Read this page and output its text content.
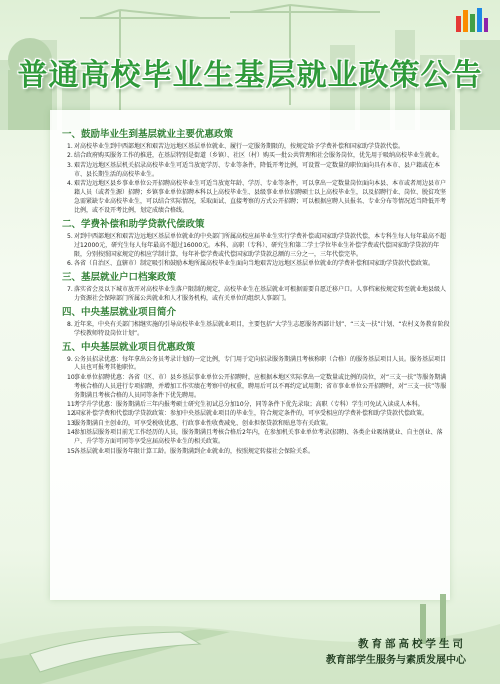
普通高校毕业生基层就业政策公告
一、鼓励毕业生到基层就业主要优惠政策
1.对高校毕业生到中西部地区和艰苦边远地区基层单位就业、履行一定服务期限的，按规定给予学费补偿和国家助学贷款代偿。
2.结合政府购买服务工作的推进，在基层特别是街道（乡镇）、社区（村）购买一批公共管理和社会服务岗位，优先用于吸纳高校毕业生就业。
3.艰苦边远地区基层机关招录高校毕业生可适当放宽学历、专业等条件，降低开考比例，可设置一定数量的职位面向具有本市、县户籍或在本市、县长期生活的高校毕业生。
4.艰苦边远地区县乡事业单位公开招聘高校毕业生可适当放宽年龄、学历、专业等条件，可以拿出一定数量岗位面向本县、本市或者周边县市户籍人员（或者生源）招聘；乡镇事业单位招聘本科以上高校毕业生、县级事业单位招聘硕士以上高校毕业生，以及招聘行业、岗位、脱贫攻坚急需紧缺专业高校毕业生，可以结合实际情况，采取面试、直接考察的方式公开招聘；可以根据应聘人员报名、专业分布等情况适当降低开考比例，或不设开考比例，划定成绩合格线。
二、学费补偿和助学贷款代偿政策
5.对到中西部地区和艰苦边远地区基层单位就业的中央部门所属高校应届毕业生实行学费补偿或国家助学贷款代偿，本专科生每人每年最高不超过12000元，研究生每人每年最高不超过16000元。本科、高职（专科）、研究生和第二学士学位毕业生补偿学费或代偿国家助学贷款的年限，分别按照国家规定的相应学制计算，每年补偿学费或代偿国家助学贷款总额的三分之一，三年代偿完毕。
6.各省（自治区、直辖市）制定吸引和鼓励本地所属高校毕业生面向当地艰苦边远地区基层单位就业的学费补偿和国家助学贷款代偿政策。
三、基层就业户口档案政策
7.落实省会及以下城市放开对高校毕业生落户限制的规定，高校毕业生在基层就业可根据需要自愿迁移户口。人事档案按规定转至就业地县级人力资源社会保障部门所属公共就业和人才服务机构，或有关单位的组织人事部门。
四、中央基层就业项目简介
8.近年来，中央有关部门相继实施的引导高校毕业生基层就业项目，主要包括“大学生志愿服务西部计划”、“三支一扶”计划、“农村义务教育阶段学校教师特设岗位计划”。
五、中央基层就业项目优惠政策
9.公务员招录优惠：每年拿出公务员考录计划的一定比例，专门用于定向招录服务期满且考核称职（合格）的服务基层项目人员。服务基层项目人员也可报考其他职位。
10.事业单位招聘优惠：各省（区、市）县乡基层事业单位公开招聘时，应根据本地区实际拿出一定数量或比例的岗位，对“三支一扶”等服务期满考核合格的人员进行专项招聘，并增加工作实绩在考察中的权重，聘用后可以不再约定试用期；省市事业单位公开招聘时，对“三支一扶”等服务期满且考核合格的人员同等条件下优先聘用。
11.考学升学优惠：服务期满后三年内报考硕士研究生初试总分加10分，同等条件下优先录取；高职（专科）学生可免试入读成人本科。
12.国家补偿学费和代偿助学贷款政策：参加中央基层就业项目的毕业生，符合规定条件的，可享受相应的学费补偿和助学贷款代偿政策。
13.服务期满自主创业的，可享受税收优惠、行政事业性收费减免、创业担保贷款和贴息等有关政策。
14.参加基层服务项目前无工作经历的人员，服务期满且考核合格后2年内，在参加机关事业单位考录(招聘)、各类企业吸纳就业、自主创业、落户、升学等方面可同等享受应届高校毕业生的相关政策。
15.各基层就业项目服务年限计算工龄。服务期满到企业就业的，按照规定转接社会保险关系。
教育部高校学生司
教育部学生服务与素质发展中心
